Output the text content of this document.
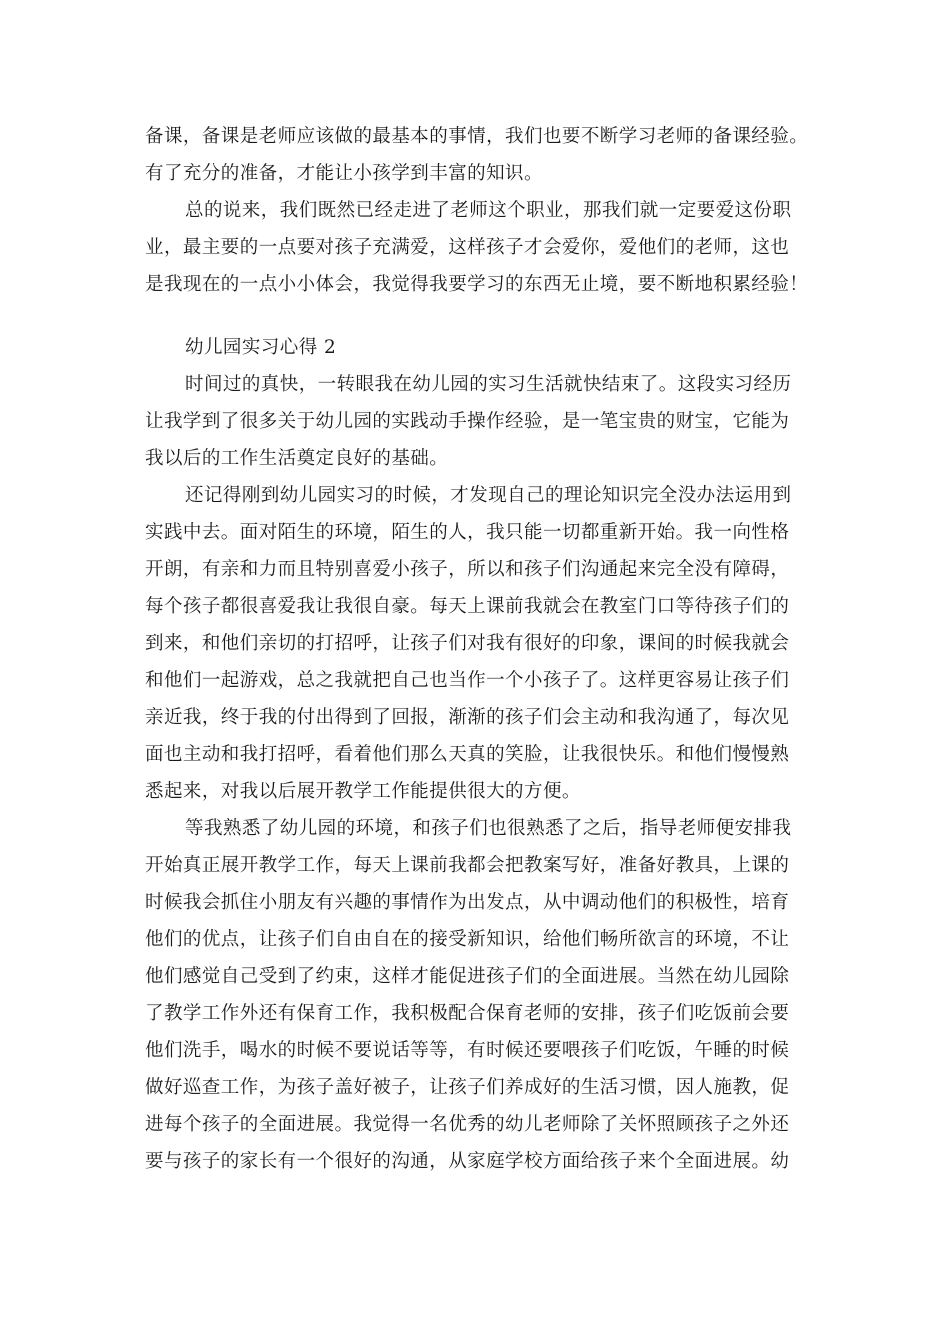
备课，备课是老师应该做的最基本的事情，我们也要不断学习老师的备课经验。
有了充分的准备，才能让小孩学到丰富的知识。
总的说来，我们既然已经走进了老师这个职业，那我们就一定要爱这份职
业，最主要的一点要对孩子充满爱，这样孩子才会爱你，爱他们的老师，这也
是我现在的一点小小体会，我觉得我要学习的东西无止境，要不断地积累经验！
幼儿园实习心得 2
时间过的真快，一转眼我在幼儿园的实习生活就快结束了。这段实习经历
让我学到了很多关于幼儿园的实践动手操作经验，是一笔宝贵的财宝，它能为
我以后的工作生活奠定良好的基础。
还记得刚到幼儿园实习的时候，才发现自己的理论知识完全没办法运用到
实践中去。面对陌生的环境，陌生的人，我只能一切都重新开始。我一向性格
开朗，有亲和力而且特别喜爱小孩子，所以和孩子们沟通起来完全没有障碍，
每个孩子都很喜爱我让我很自豪。每天上课前我就会在教室门口等待孩子们的
到来，和他们亲切的打招呼，让孩子们对我有很好的印象，课间的时候我就会
和他们一起游戏，总之我就把自己也当作一个小孩子了。这样更容易让孩子们
亲近我，终于我的付出得到了回报，渐渐的孩子们会主动和我沟通了，每次见
面也主动和我打招呼，看着他们那么天真的笑脸，让我很快乐。和他们慢慢熟
悉起来，对我以后展开教学工作能提供很大的方便。
等我熟悉了幼儿园的环境，和孩子们也很熟悉了之后，指导老师便安排我
开始真正展开教学工作，每天上课前我都会把教案写好，准备好教具，上课的
时候我会抓住小朋友有兴趣的事情作为出发点，从中调动他们的积极性，培育
他们的优点，让孩子们自由自在的接受新知识，给他们畅所欲言的环境，不让
他们感觉自己受到了约束，这样才能促进孩子们的全面进展。当然在幼儿园除
了教学工作外还有保育工作，我积极配合保育老师的安排，孩子们吃饭前会要
他们洗手，喝水的时候不要说话等等，有时候还要喂孩子们吃饭，午睡的时候
做好巡查工作，为孩子盖好被子，让孩子们养成好的生活习惯，因人施教，促
进每个孩子的全面进展。我觉得一名优秀的幼儿老师除了关怀照顾孩子之外还
要与孩子的家长有一个很好的沟通，从家庭学校方面给孩子来个全面进展。幼
